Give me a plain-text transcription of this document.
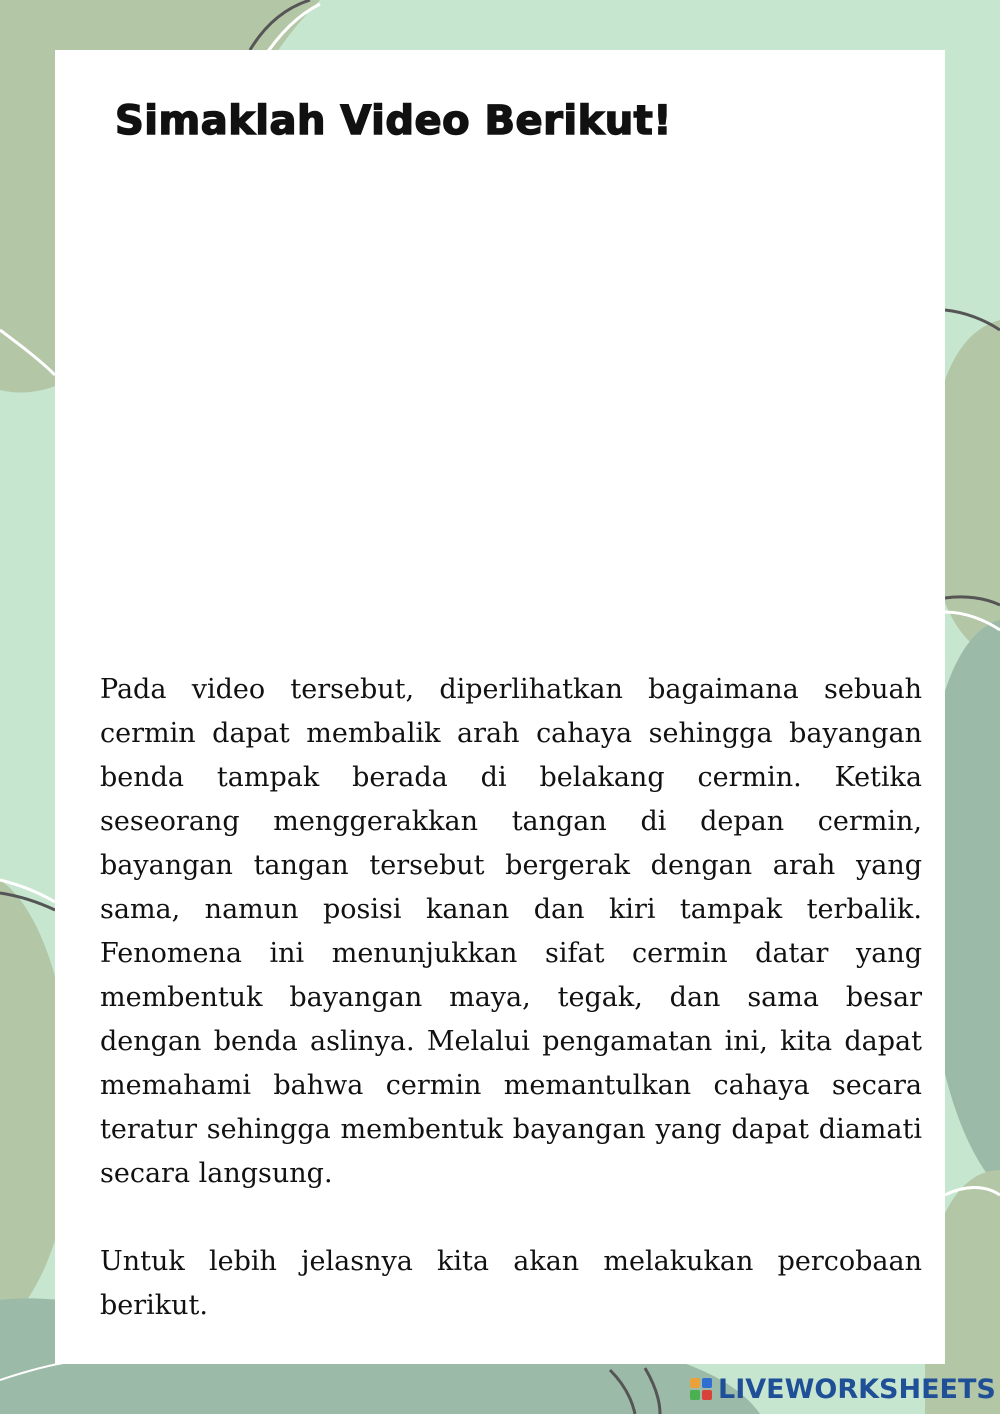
Simaklah Video Berikut!

Pada video tersebut, diperlihatkan bagaimana sebuah cermin dapat membalik arah cahaya sehingga bayangan benda tampak berada di belakang cermin. Ketika seseorang menggerakkan tangan di depan cermin, bayangan tangan tersebut bergerak dengan arah yang sama, namun posisi kanan dan kiri tampak terbalik. Fenomena ini menunjukkan sifat cermin datar yang membentuk bayangan maya, tegak, dan sama besar dengan benda aslinya. Melalui pengamatan ini, kita dapat memahami bahwa cermin memantulkan cahaya secara teratur sehingga membentuk bayangan yang dapat diamati secara langsung.

Untuk lebih jelasnya kita akan melakukan percobaan berikut.

LIVEWORKSHEETS
